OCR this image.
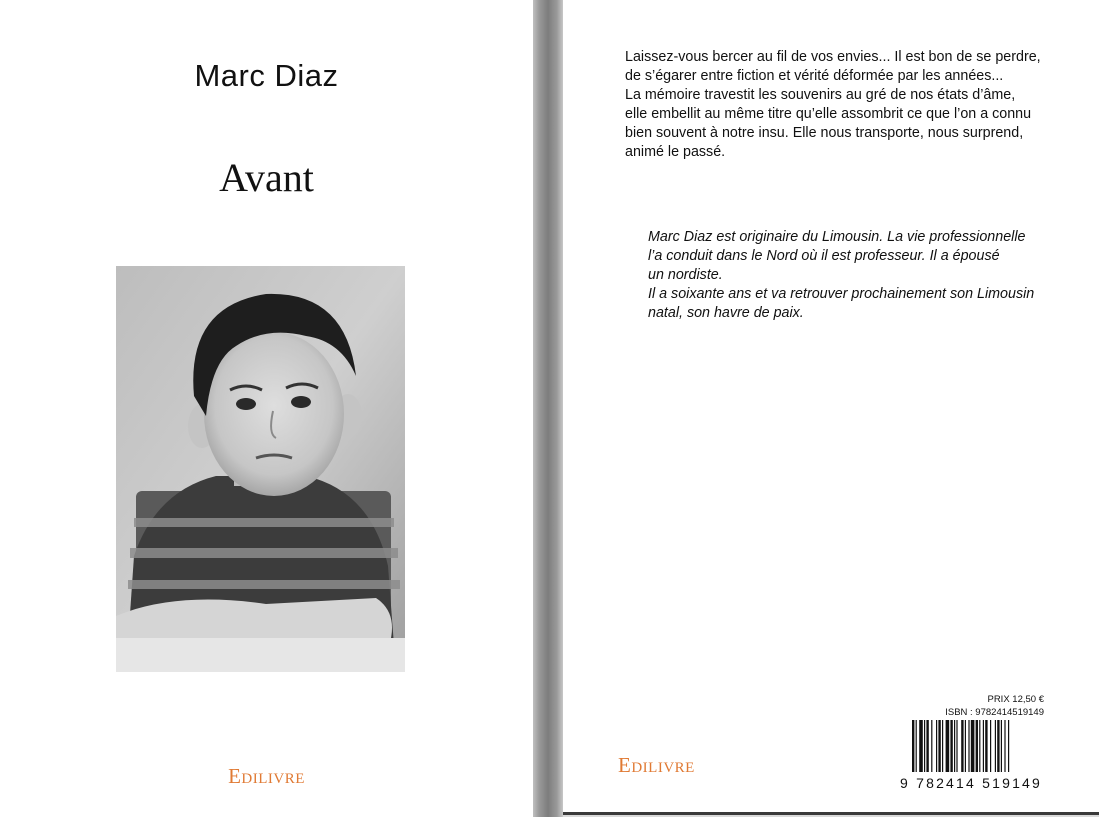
Marc Diaz
Avant
Edilivre

Laissez-vous bercer au fil de vos envies... Il est bon de se perdre,

de s’égarer entre fiction et vérité déformée par les années...

La mémoire travestit les souvenirs au gré de nos états d’âme,

elle embellit au même titre qu’elle assombrit ce que l’on a connu

bien souvent à notre insu. Elle nous transporte, nous surprend,

animé le passé.

Marc Diaz est originaire du Limousin. La vie professionnelle

l’a conduit dans le Nord où il est professeur. Il a épousé

un nordiste.

Il a soixante ans et va retrouver prochainement son Limousin

natal, son havre de paix.

Edilivre
PRIX 12,50 €
ISBN : 9782414519149
9 782414 519149
